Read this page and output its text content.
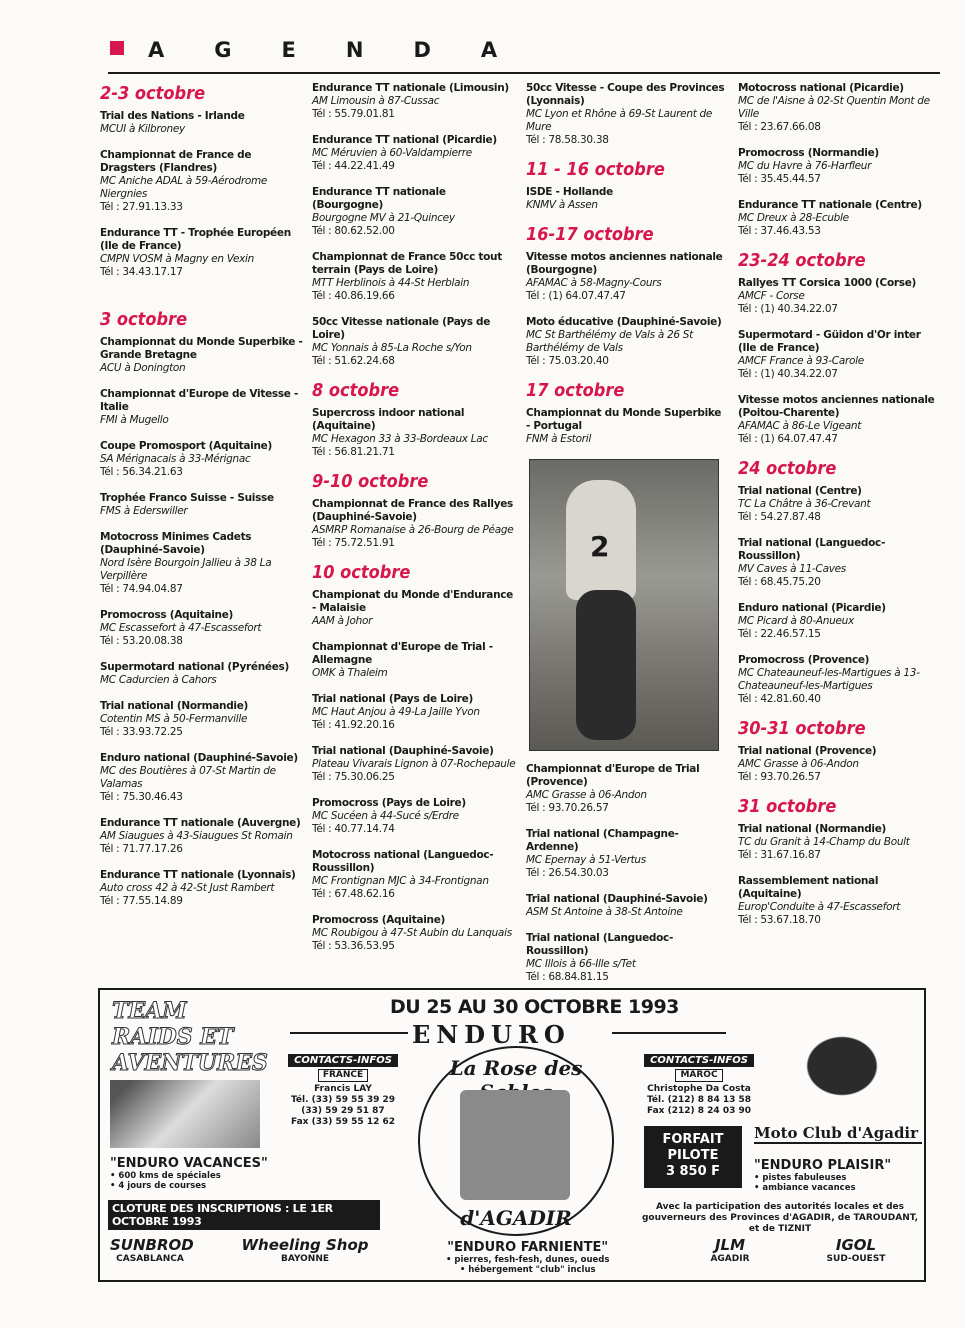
A G E N D A
2-3 octobre
Trial des Nations - Irlande
MCUI à Kilbroney
Championnat de France de Dragsters (Flandres)
MC Aniche ADAL à 59-Aérodrome Niergnies
Tél : 27.91.13.33
Endurance TT - Trophée Européen (Ile de France)
CMPN VOSM à Magny en Vexin
Tél : 34.43.17.17
3 octobre
Championnat du Monde Superbike - Grande Bretagne
ACU à Donington
Championnat d'Europe de Vitesse - Italie
FMI à Mugello
Coupe Promosport (Aquitaine)
SA Mérignacais à 33-Mérignac
Tél : 56.34.21.63
Trophée Franco Suisse - Suisse
FMS à Ederswiller
Motocross Minimes Cadets (Dauphiné-Savoie)
Nord Isère Bourgoin Jallieu à 38 La Verpillère
Tél : 74.94.04.87
Promocross (Aquitaine)
MC Escassefort à 47-Escassefort
Tél : 53.20.08.38
Supermotard national (Pyrénées)
MC Cadurcien à Cahors
Trial national (Normandie)
Cotentin MS à 50-Fermanville
Tél : 33.93.72.25
Enduro national (Dauphiné-Savoie)
MC des Boutières à 07-St Martin de Valamas
Tél : 75.30.46.43
Endurance TT nationale (Auvergne)
AM Siaugues à 43-Siaugues St Romain
Tél : 71.77.17.26
Endurance TT nationale (Lyonnais)
Auto cross 42 à 42-St Just Rambert
Tél : 77.55.14.89
Endurance TT nationale (Limousin)
AM Limousin à 87-Cussac
Tél : 55.79.01.81
Endurance TT national (Picardie)
MC Méruvien à 60-Valdampierre
Tél : 44.22.41.49
Endurance TT nationale (Bourgogne)
Bourgogne MV à 21-Quincey
Tél : 80.62.52.00
Championnat de France 50cc tout terrain (Pays de Loire)
MTT Herblinois à 44-St Herblain
Tél : 40.86.19.66
50cc Vitesse nationale (Pays de Loire)
MC Yonnais à 85-La Roche s/Yon
Tél : 51.62.24.68
8 octobre
Supercross indoor national (Aquitaine)
MC Hexagon 33 à 33-Bordeaux Lac
Tél : 56.81.21.71
9-10 octobre
Championnat de France des Rallyes (Dauphiné-Savoie)
ASMRP Romanaise à 26-Bourg de Péage
Tél : 75.72.51.91
10 octobre
Championat du Monde d'Endurance - Malaisie
AAM à Johor
Championnat d'Europe de Trial - Allemagne
OMK à Thaleim
Trial national (Pays de Loire)
MC Haut Anjou à 49-La Jaille Yvon
Tél : 41.92.20.16
Trial national (Dauphiné-Savoie)
Plateau Vivarais Lignon à 07-Rochepaule
Tél : 75.30.06.25
Promocross (Pays de Loire)
MC Sucéen à 44-Sucé s/Erdre
Tél : 40.77.14.74
Motocross national (Languedoc-Roussillon)
MC Frontignan MJC à 34-Frontignan
Tél : 67.48.62.16
Promocross (Aquitaine)
MC Roubigou à 47-St Aubin du Lanquais
Tél : 53.36.53.95
50cc Vitesse - Coupe des Provinces (Lyonnais)
MC Lyon et Rhône à 69-St Laurent de Mure
Tél : 78.58.30.38
11 - 16 octobre
ISDE - Hollande
KNMV à Assen
16-17 octobre
Vitesse motos anciennes nationale (Bourgogne)
AFAMAC à 58-Magny-Cours
Tél : (1) 64.07.47.47
Moto éducative (Dauphiné-Savoie)
MC St Barthélémy de Vals à 26 St Barthélémy de Vals
Tél : 75.03.20.40
17 octobre
Championnat du Monde Superbike - Portugal
FNM à Estoril
2
Championnat d'Europe de Trial (Provence)
AMC Grasse à 06-Andon
Tél : 93.70.26.57
Trial national (Champagne-Ardenne)
MC Epernay à 51-Vertus
Tél : 26.54.30.03
Trial national (Dauphiné-Savoie)
ASM St Antoine à 38-St Antoine
Trial national (Languedoc-Roussillon)
MC Illois à 66-Ille s/Tet
Tél : 68.84.81.15
Motocross national (Picardie)
MC de l'Aisne à 02-St Quentin Mont de Ville
Tél : 23.67.66.08
Promocross (Normandie)
MC du Havre à 76-Harfleur
Tél : 35.45.44.57
Endurance TT nationale (Centre)
MC Dreux à 28-Ecuble
Tél : 37.46.43.53
23-24 octobre
Rallyes TT Corsica 1000 (Corse)
AMCF - Corse
Tél : (1) 40.34.22.07
Supermotard - Güidon d'Or inter (Ile de France)
AMCF France à 93-Carole
Tél : (1) 40.34.22.07
Vitesse motos anciennes nationale (Poitou-Charente)
AFAMAC à 86-Le Vigeant
Tél : (1) 64.07.47.47
24 octobre
Trial national (Centre)
TC La Châtre à 36-Crevant
Tél : 54.27.87.48
Trial national (Languedoc-Roussillon)
MV Caves à 11-Caves
Tél : 68.45.75.20
Enduro national (Picardie)
MC Picard à 80-Anueux
Tél : 22.46.57.15
Promocross (Provence)
MC Chateauneuf-les-Martigues à 13-Chateauneuf-les-Martigues
Tél : 42.81.60.40
30-31 octobre
Trial national (Provence)
AMC Grasse à 06-Andon
Tél : 93.70.26.57
31 octobre
Trial national (Normandie)
TC du Granit à 14-Champ du Boult
Tél : 31.67.16.87
Rassemblement national (Aquitaine)
Europ'Conduite à 47-Escassefort
Tél : 53.67.18.70
TEAM
RAIDS ET
AVENTURES
DU 25 AU 30 OCTOBRE 1993
ENDURO
CONTACTS-INFOS
FRANCE
Francis LAY
Tél. (33) 59 55 39 29
(33) 59 29 51 87
Fax (33) 59 55 12 62
La Rose des
d'AGADIR
CONTACTS-INFOS
MAROC
Christophe Da Costa
Tél. (212) 8 84 13 58
Fax (212) 8 24 03 90
FORFAIT
PILOTE
3 850 F
Moto Club d'Agadir
"ENDURO VACANCES"
• 600 kms de spéciales
• 4 jours de courses
"ENDURO PLAISIR"
• pistes fabuleuses
• ambiance vacances
"ENDURO FARNIENTE"
• pierres, fesh-fesh, dunes, oueds
• hébergement "club" inclus
CLOTURE DES INSCRIPTIONS : LE 1ER OCTOBRE 1993
Avec la participation des autorités locales et des gouverneurs des Provinces d'AGADIR, de TAROUDANT, et de TIZNIT
SUNBROD
CASABLANCA
Wheeling Shop
BAYONNE
JLM
AGADIR
IGOL
SUD-OUEST
